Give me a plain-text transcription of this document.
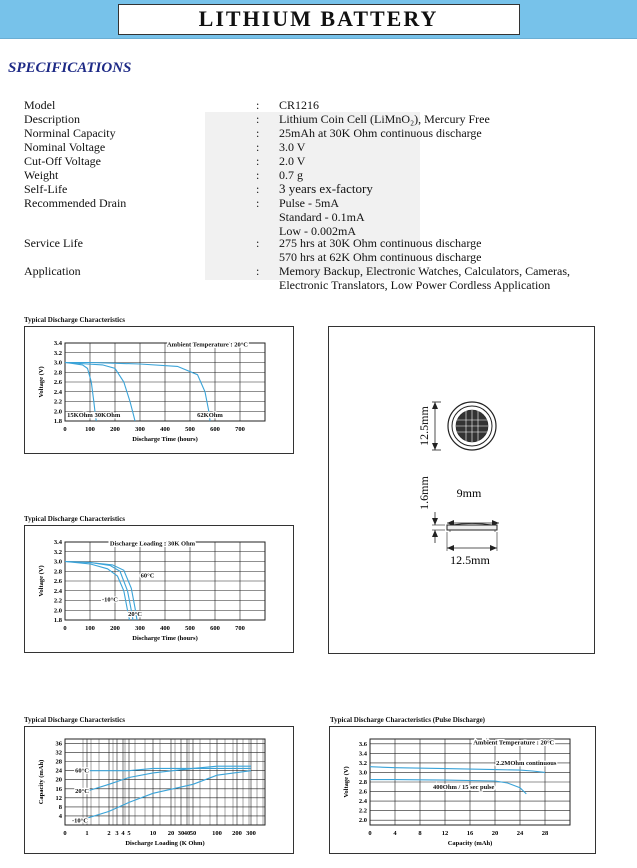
LITHIUM BATTERY
SPECIFICATIONS
Model	: CR1216
Description	: Lithium Coin Cell (LiMnO₂), Mercury Free
Norminal Capacity	: 25mAh at 30K Ohm continuous discharge
Nominal Voltage	: 3.0 V
Cut-Off Voltage	: 2.0 V
Weight	: 0.7 g
Self-Life	: 3 years ex-factory
Recommended Drain	: Pulse - 5mA
Standard - 0.1mA
Low - 0.002mA
Service Life	: 275 hrs at 30K Ohm continuous discharge
570 hrs at 62K Ohm continuous discharge
Application	: Memory Backup, Electronic Watches, Calculators, Cameras,
Electronic Translators, Low Power Cordless Application
Typical Discharge Characteristics
1.8
2.0
2.2
2.4
2.6
2.8
3.0
3.2
3.4
0	100 200 300 400 500 600 700
Discharge Time (hours)
Voltage (V)
15KOhm 30KOhm	62KOhm
Ambient Temperature : 20°C
Typical Discharge Characteristics
1.8
2.0
2.2
2.4
2.6
2.8
3.0
3.2
3.4
0	100 200 300 400 500 600 700
Discharge Time (hours)
Voltage (V)	60°C
-10°C
20°C
Discharge Loading : 30K Ohm
Typical Discharge Characteristics
4
8
12
16
20
24
28
32
36
0	1	2 3 4 5	10 20 30 40 50 100 200 300
60°C
20°C
-10°C
Discharge Loading (K Ohm)
Capacity (mAh)
Typical Discharge Characteristics (Pulse Discharge)
2.0
2.2
2.4
2.6
2.8
3.0
3.2
3.4
3.6
0	4	8	12	16	20	24	28
Capacity (mAh)
Voltage (V)
2.2MOhm continuous
400Ohm / 15 sec pulse
Ambient Temperature : 20°C
12.5mm
9mm
1.6mm
12.5mm
